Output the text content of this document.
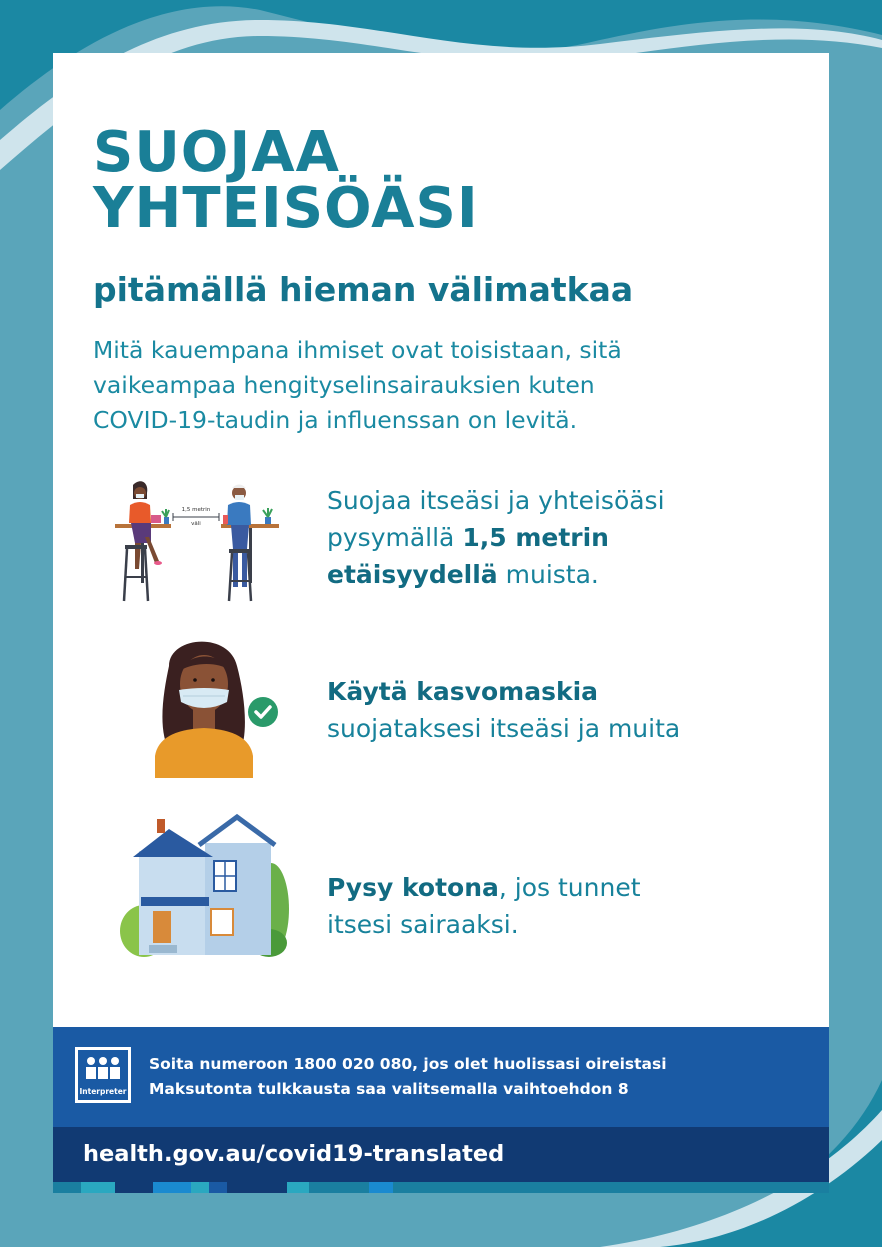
SUOJAA
YHTEISÖÄSI
pitämällä hieman välimatkaa

Mitä kauempana ihmiset ovat toisistaan, sitä
vaikeampaa hengityselinsairauksien kuten
COVID-19-taudin ja influenssan on levitä.

1,5 metrin
väli

Suojaa itseäsi ja yhteisöäsi
pysymällä 1,5 metrin
etäisyydellä muista.

Käytä kasvomaskia
suojataksesi itseäsi ja muita

Pysy kotona, jos tunnet
itsesi sairaaksi.

Interpreter

Soita numeroon 1800 020 080, jos olet huolissasi oireistasi

Maksutonta tulkkausta saa valitsemalla vaihtoehdon 8

health.gov.au/covid19-translated
